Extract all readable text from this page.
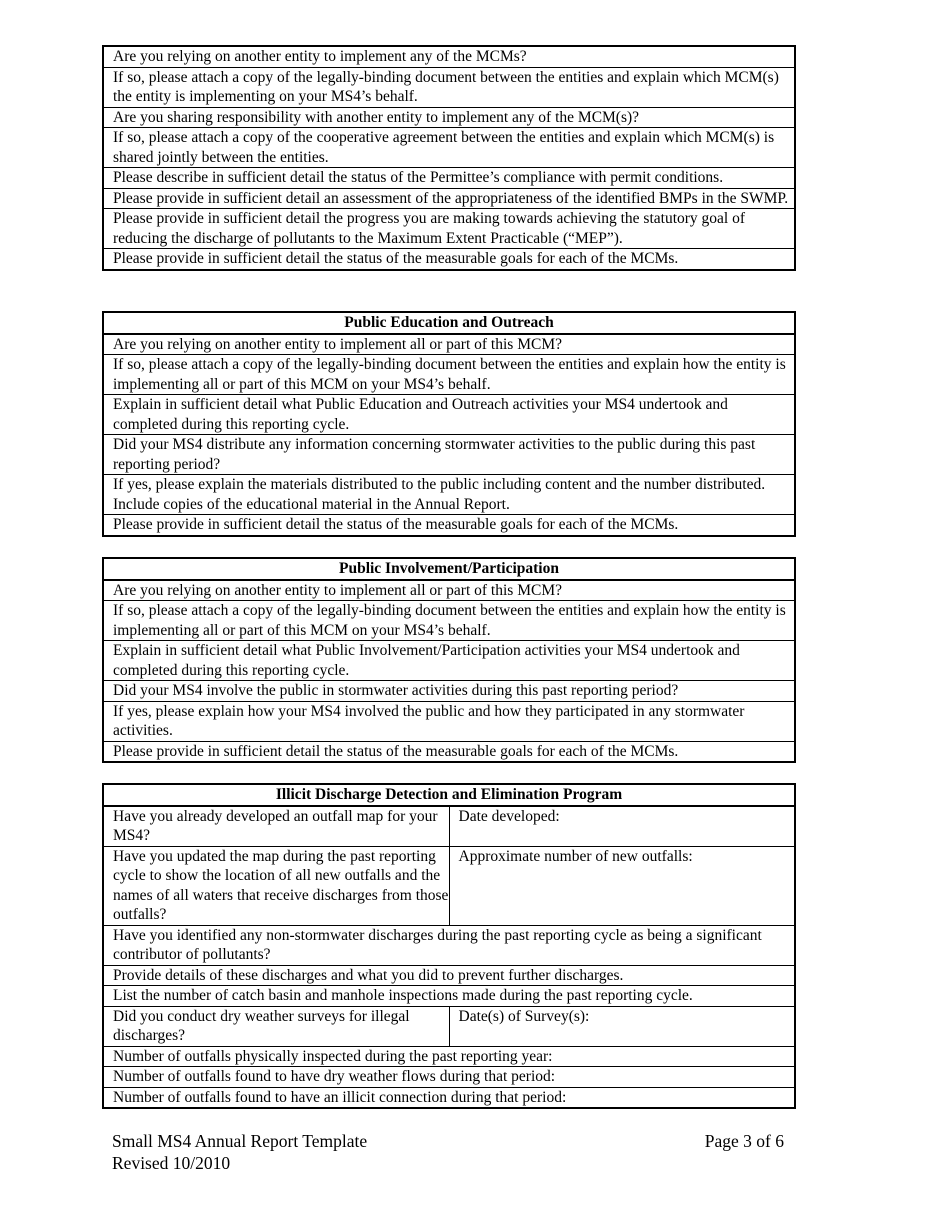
Are you relying on another entity to implement any of the MCMs?
If so, please attach a copy of the legally-binding document between the entities and explain which MCM(s) the entity is implementing on your MS4’s behalf.
Are you sharing responsibility with another entity to implement any of the MCM(s)?
If so, please attach a copy of the cooperative agreement between the entities and explain which MCM(s) is shared jointly between the entities.
Please describe in sufficient detail the status of the Permittee’s compliance with permit conditions.
Please provide in sufficient detail an assessment of the appropriateness of the identified BMPs in the SWMP.
Please provide in sufficient detail the progress you are making towards achieving the statutory goal of reducing the discharge of pollutants to the Maximum Extent Practicable (“MEP”).
Please provide in sufficient detail the status of the measurable goals for each of the MCMs.
Public Education and Outreach
Are you relying on another entity to implement all or part of this MCM?
If so, please attach a copy of the legally-binding document between the entities and explain how the entity is implementing all or part of this MCM on your MS4’s behalf.
Explain in sufficient detail what Public Education and Outreach activities your MS4 undertook and completed during this reporting cycle.
Did your MS4 distribute any information concerning stormwater activities to the public during this past reporting period?
If yes, please explain the materials distributed to the public including content and the number distributed. Include copies of the educational material in the Annual Report.
Please provide in sufficient detail the status of the measurable goals for each of the MCMs.
Public Involvement/Participation
Are you relying on another entity to implement all or part of this MCM?
If so, please attach a copy of the legally-binding document between the entities and explain how the entity is implementing all or part of this MCM on your MS4’s behalf.
Explain in sufficient detail what Public Involvement/Participation activities your MS4 undertook and completed during this reporting cycle.
Did your MS4 involve the public in stormwater activities during this past reporting period?
If yes, please explain how your MS4 involved the public and how they participated in any stormwater activities.
Please provide in sufficient detail the status of the measurable goals for each of the MCMs.
Illicit Discharge Detection and Elimination Program	
Have you already developed an outfall map for your MS4?	Date developed:
Have you updated the map during the past reporting cycle to show the location of all new outfalls and the names of all waters that receive discharges from those outfalls?	Approximate number of new outfalls:
Have you identified any non-stormwater discharges during the past reporting cycle as being a significant contributor of pollutants?	
Provide details of these discharges and what you did to prevent further discharges.	
List the number of catch basin and manhole inspections made during the past reporting cycle.	
Did you conduct dry weather surveys for illegal discharges?	Date(s) of Survey(s):
Number of outfalls physically inspected during the past reporting year:	
Number of outfalls found to have dry weather flows during that period:	
Number of outfalls found to have an illicit connection during that period:	
Small MS4 Annual Report Template
Revised 10/2010
Page 3 of 6
